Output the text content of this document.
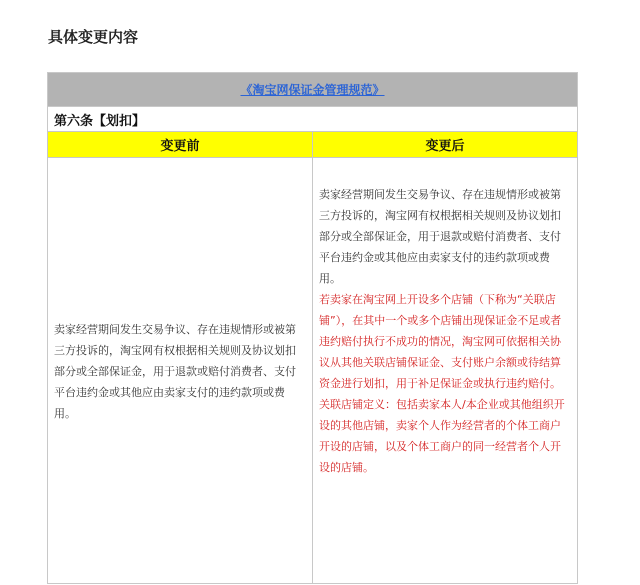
具体变更内容
《淘宝网保证金管理规范》	
第六条【划扣】	
变更前	变更后

卖家经营期间发生交易争议、存在违规情形或被第三方投诉的，淘宝网有权根据相关规则及协议划扣部分或全部保证金，用于退款或赔付消费者、支付平台违约金或其他应由卖家支付的违约款项或费用。	卖家经营期间发生交易争议、存在违规情形或被第三方投诉的，淘宝网有权根据相关规则及协议划扣部分或全部保证金，用于退款或赔付消费者、支付平台违约金或其他应由卖家支付的违约款项或费用。

若卖家在淘宝网上开设多个店铺（下称为“关联店铺”），在其中一个或多个店铺出现保证金不足或者违约赔付执行不成功的情况，淘宝网可依据相关协议从其他关联店铺保证金、支付账户余额或待结算资金进行划扣，用于补足保证金或执行违约赔付。

关联店铺定义：包括卖家本人/本企业或其他组织开设的其他店铺，卖家个人作为经营者的个体工商户开设的店铺，以及个体工商户的同一经营者个人开设的店铺。
